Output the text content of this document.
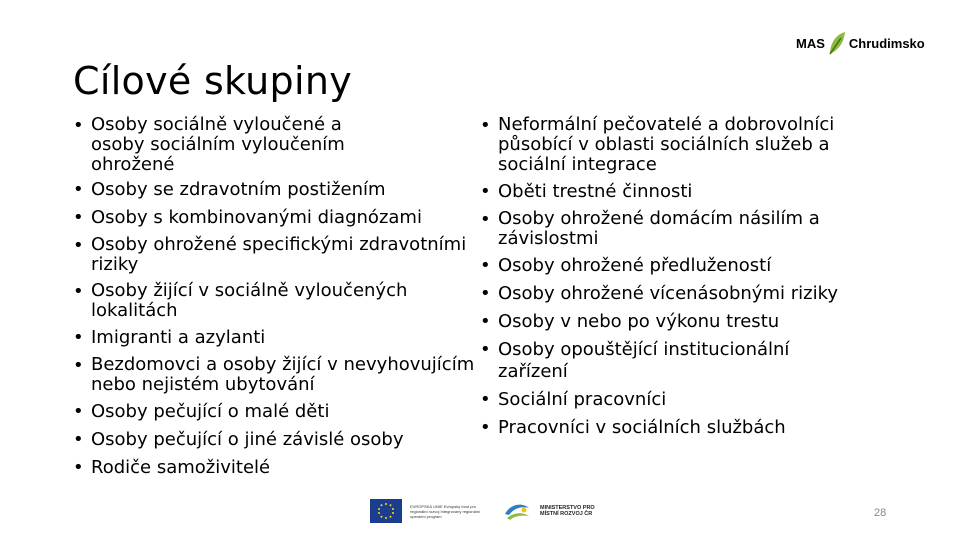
Cílové skupiny
MAS Chrudimsko
• Osoby sociálně vyloučené a osoby sociálním vyloučením ohrožené
• Osoby se zdravotním postižením
• Osoby s kombinovanými diagnózami
• Osoby ohrožené specifickými zdravotními riziky
• Osoby žijící v sociálně vyloučených lokalitách
• Imigranti a azylanti
• Bezdomovci a osoby žijící v nevyhovujícím nebo nejistém ubytování
• Osoby pečující o malé děti
• Osoby pečující o jiné závislé osoby
• Rodiče samoživitelé
• Neformální pečovatelé a dobrovolníci působící v oblasti sociálních služeb a sociální integrace
• Oběti trestné činnosti
• Osoby ohrožené domácím násilím a závislostmi
• Osoby ohrožené předlužeností
• Osoby ohrožené vícenásobnými riziky
• Osoby v nebo po výkonu trestu
• Osoby opouštějící institucionální zařízení
• Sociální pracovníci
• Pracovníci v sociálních službách
EVROPSKÁ UNIE Evropský fond pro regionální rozvoj Integrovaný regionální operační program
MINISTERSTVO PRO MÍSTNÍ ROZVOJ ČR	28
